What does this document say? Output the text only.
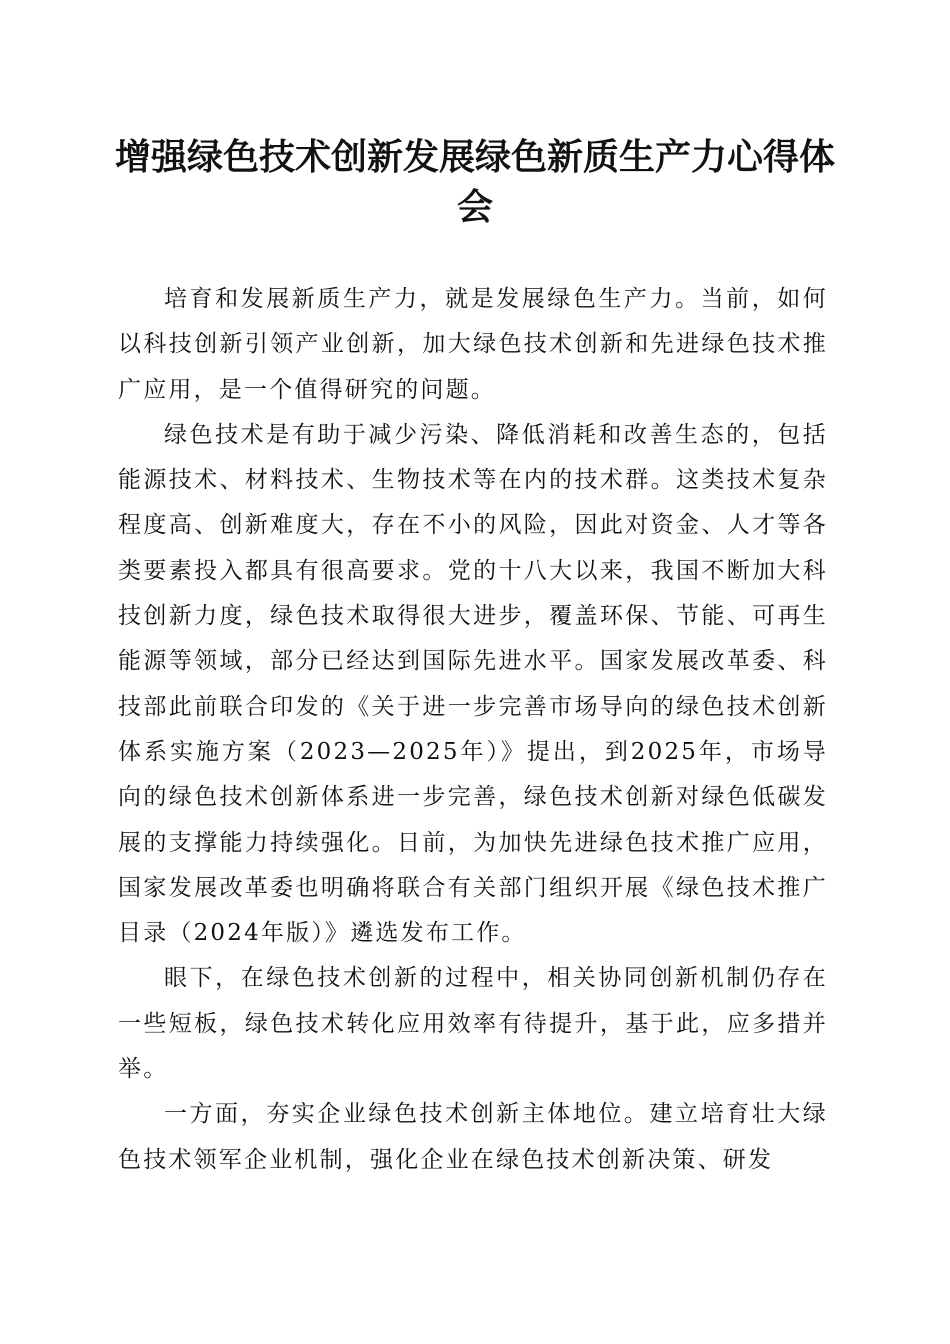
增强绿色技术创新发展绿色新质生产力心得体会

培育和发展新质生产力，就是发展绿色生产力。当前，如何以科技创新引领产业创新，加大绿色技术创新和先进绿色技术推广应用，是一个值得研究的问题。

绿色技术是有助于减少污染、降低消耗和改善生态的，包括能源技术、材料技术、生物技术等在内的技术群。这类技术复杂程度高、创新难度大，存在不小的风险，因此对资金、人才等各类要素投入都具有很高要求。党的十八大以来，我国不断加大科技创新力度，绿色技术取得很大进步，覆盖环保、节能、可再生能源等领域，部分已经达到国际先进水平。国家发展改革委、科技部此前联合印发的《关于进一步完善市场导向的绿色技术创新体系实施方案（2023—2025年）》提出，到2025年，市场导向的绿色技术创新体系进一步完善，绿色技术创新对绿色低碳发展的支撑能力持续强化。日前，为加快先进绿色技术推广应用，国家发展改革委也明确将联合有关部门组织开展《绿色技术推广目录（2024年版）》遴选发布工作。

眼下，在绿色技术创新的过程中，相关协同创新机制仍存在一些短板，绿色技术转化应用效率有待提升，基于此，应多措并举。

一方面，夯实企业绿色技术创新主体地位。建立培育壮大绿色技术领军企业机制，强化企业在绿色技术创新决策、研发
